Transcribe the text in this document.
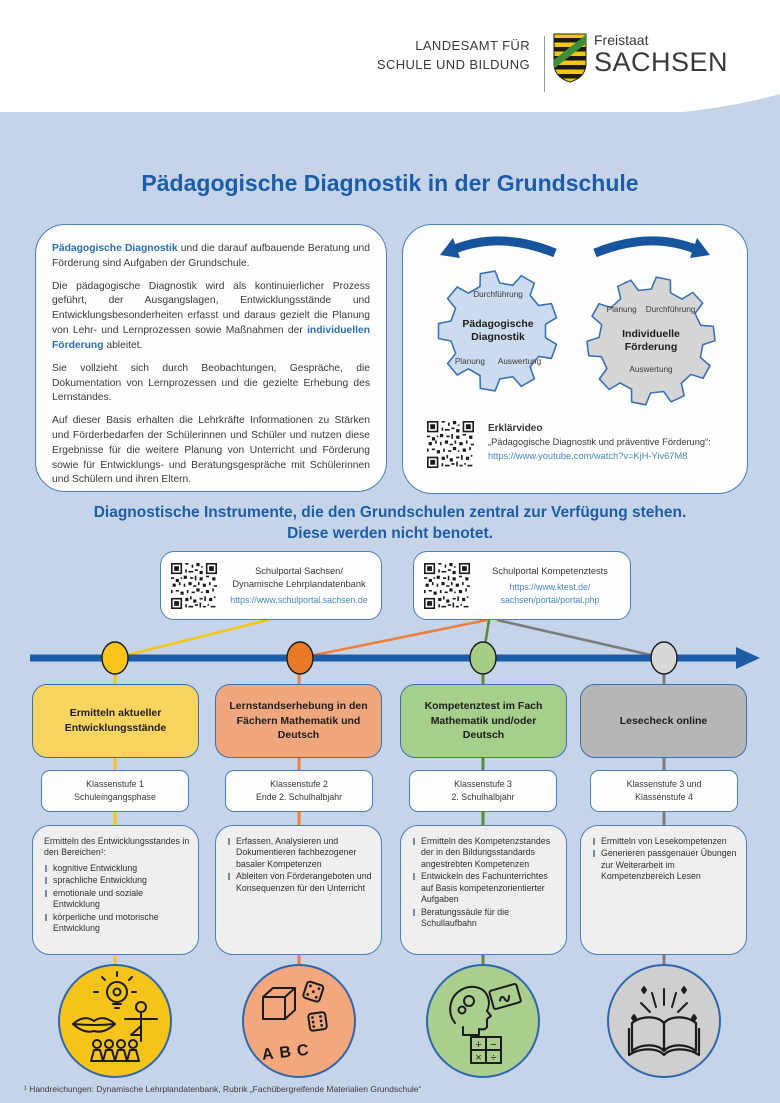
LANDESAMT FÜR
SCHULE UND BILDUNG
Freistaat
SACHSEN
Pädagogische Diagnostik in der Grundschule

Pädagogische Diagnostik und die darauf aufbauende Beratung und Förderung sind Aufgaben der Grundschule.

Die pädagogische Diagnostik wird als kontinuierlicher Prozess geführt, der Ausgangslagen, Entwicklungsstände und Entwicklungsbesonderheiten erfasst und daraus gezielt die Planung von Lehr- und Lernprozessen sowie Maßnahmen der individuellen Förderung ableitet.

Sie vollzieht sich durch Beobachtungen, Gespräche, die Dokumentation von Lernprozessen und die gezielte Erhebung des Lernstandes.

Auf dieser Basis erhalten die Lehrkräfte Informationen zu Stärken und Förderbedarfen der Schülerinnen und Schüler und nutzen diese Ergebnisse für die weitere Planung von Unterricht und Förderung sowie für Entwicklungs- und Beratungsgespräche mit Schülerinnen und Schülern und ihren Eltern.

Durchführung
Pädagogische
Diagnostik
Planung Auswertung
Planung Durchführung
Individuelle
Förderung
Auswertung
Erklärvideo
„Pädagogische Diagnostik und präventive Förderung“:
https://www.youtube.com/watch?v=KjH-Yiv67M8
Diagnostische Instrumente, die den Grundschulen zentral zur Verfügung stehen.
Diese werden nicht benotet.
Schulportal Sachsen/
Dynamische Lehrplandatenbank
https://www.schulportal.sachsen.de
Schulportal Kompetenztests
https://www.ktest.de/
sachsen/portal/portal.php
Ermitteln aktueller Entwicklungsstände
Lernstandserhebung in den Fächern Mathematik und Deutsch
Kompetenztest im Fach Mathematik und/oder Deutsch
Lesecheck online
Klassenstufe 1
Schuleingangsphase
Klassenstufe 2
Ende 2. Schulhalbjahr
Klassenstufe 3
2. Schulhalbjahr
Klassenstufe 3 und
Klassenstufe 4

Ermitteln des Entwicklungsstandes in den Bereichen¹:

kognitive Entwicklung
sprachliche Entwicklung
emotionale und soziale Entwicklung
körperliche und motorische Entwicklung
Erfassen, Analysieren und Dokumentieren fachbezogener basaler Kompetenzen
Ableiten von Förderangeboten und Konsequenzen für den Unterricht
Ermitteln des Kompetenzstandes der in den Bildungsstandards angestrebten Kompetenzen
Entwickeln des Fachunterrichtes auf Basis kompetenzorientierter Aufgaben
Beratungssäule für die Schullaufbahn
Ermitteln von Lesekompetenzen
Generieren passgenauer Übungen zur Weiterarbeit im Kompetenzbereich Lesen
ABC	+ −
× ÷
¹ Handreichungen: Dynamische Lehrplandatenbank, Rubrik „Fachübergreifende Materialien Grundschule“
